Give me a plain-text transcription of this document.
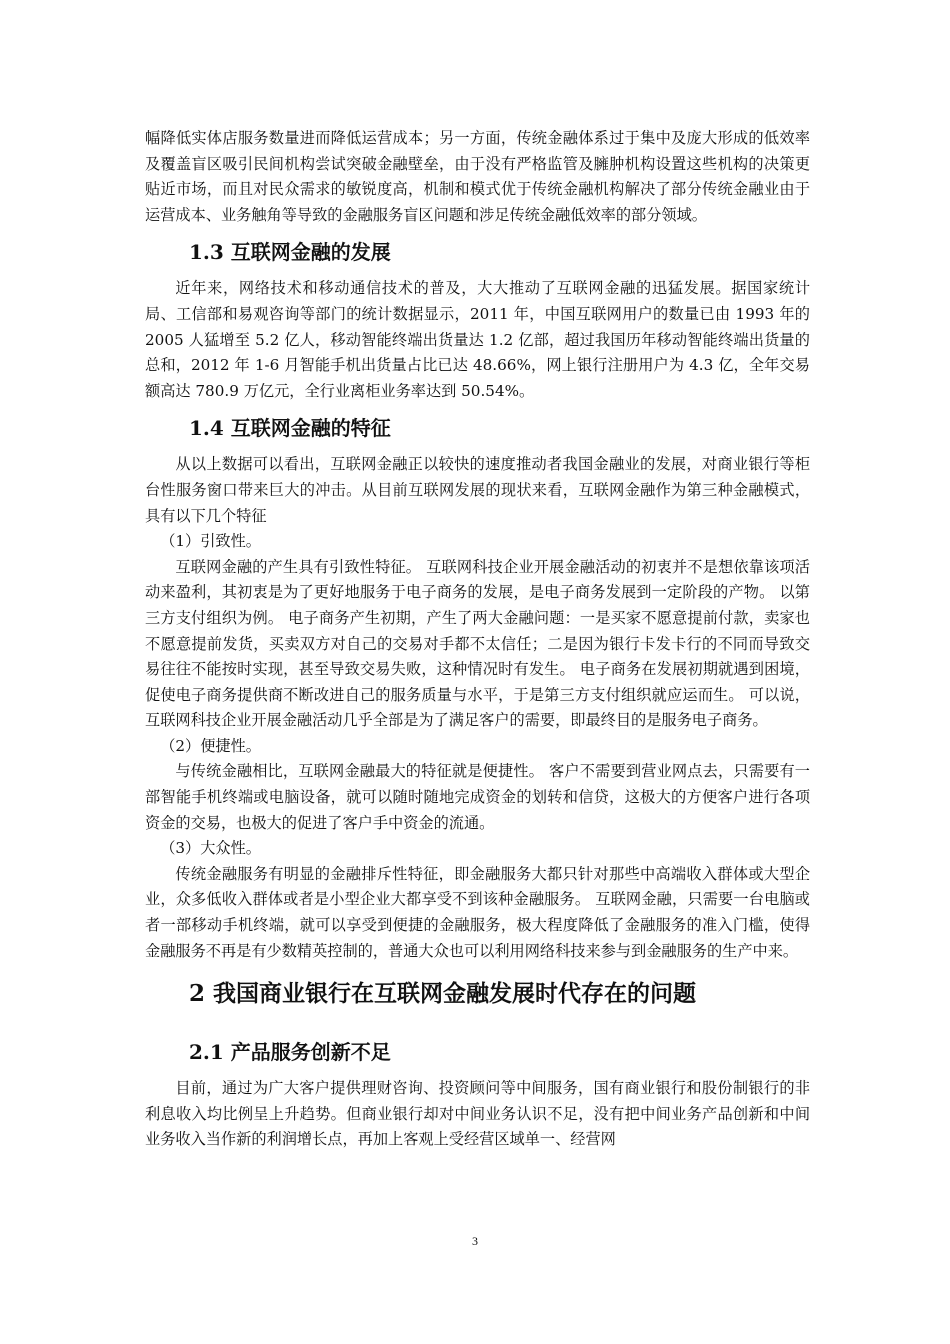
幅降低实体店服务数量进而降低运营成本；另一方面，传统金融体系过于集中及庞大形成的低效率及覆盖盲区吸引民间机构尝试突破金融壁垒，由于没有严格监管及臃肿机构设置这些机构的决策更贴近市场，而且对民众需求的敏锐度高，机制和模式优于传统金融机构解决了部分传统金融业由于运营成本、业务触角等导致的金融服务盲区问题和涉足传统金融低效率的部分领域。

1.3 互联网金融的发展

近年来，网络技术和移动通信技术的普及，大大推动了互联网金融的迅猛发展。据国家统计局、工信部和易观咨询等部门的统计数据显示，2011 年，中国互联网用户的数量已由 1993 年的 2005 人猛增至 5.2 亿人，移动智能终端出货量达 1.2 亿部，超过我国历年移动智能终端出货量的总和，2012 年 1-6 月智能手机出货量占比已达 48.66%，网上银行注册用户为 4.3 亿，全年交易额高达 780.9 万亿元，全行业离柜业务率达到 50.54%。

1.4 互联网金融的特征

从以上数据可以看出，互联网金融正以较快的速度推动者我国金融业的发展，对商业银行等柜台性服务窗口带来巨大的冲击。从目前互联网发展的现状来看，互联网金融作为第三种金融模式，具有以下几个特征

（1）引致性。

互联网金融的产生具有引致性特征。 互联网科技企业开展金融活动的初衷并不是想依靠该项活动来盈利，其初衷是为了更好地服务于电子商务的发展，是电子商务发展到一定阶段的产物。 以第三方支付组织为例。 电子商务产生初期，产生了两大金融问题：一是买家不愿意提前付款，卖家也不愿意提前发货，买卖双方对自己的交易对手都不太信任；二是因为银行卡发卡行的不同而导致交易往往不能按时实现，甚至导致交易失败，这种情况时有发生。 电子商务在发展初期就遇到困境，促使电子商务提供商不断改进自己的服务质量与水平，于是第三方支付组织就应运而生。 可以说，互联网科技企业开展金融活动几乎全部是为了满足客户的需要，即最终目的是服务电子商务。

（2）便捷性。

与传统金融相比，互联网金融最大的特征就是便捷性。 客户不需要到营业网点去，只需要有一部智能手机终端或电脑设备，就可以随时随地完成资金的划转和信贷，这极大的方便客户进行各项资金的交易，也极大的促进了客户手中资金的流通。

（3）大众性。

传统金融服务有明显的金融排斥性特征，即金融服务大都只针对那些中高端收入群体或大型企业，众多低收入群体或者是小型企业大都享受不到该种金融服务。 互联网金融，只需要一台电脑或者一部移动手机终端，就可以享受到便捷的金融服务，极大程度降低了金融服务的准入门槛，使得金融服务不再是有少数精英控制的，普通大众也可以利用网络科技来参与到金融服务的生产中来。

2 我国商业银行在互联网金融发展时代存在的问题
2.1 产品服务创新不足

目前，通过为广大客户提供理财咨询、投资顾问等中间服务，国有商业银行和股份制银行的非利息收入均比例呈上升趋势。但商业银行却对中间业务认识不足，没有把中间业务产品创新和中间业务收入当作新的利润增长点，再加上客观上受经营区域单一、经营网

3
